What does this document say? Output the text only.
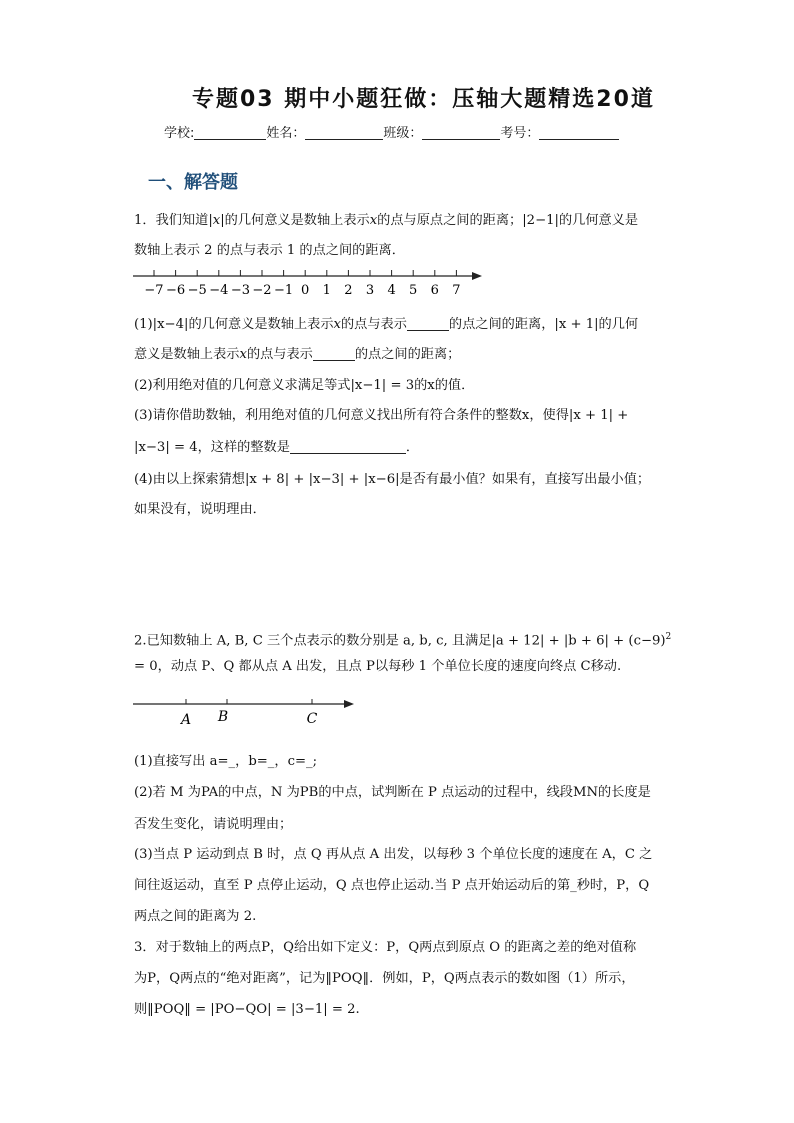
专题03 期中小题狂做：压轴大题精选20道
学校:	姓名：	班级：	考号：
一、解答题
1．我们知道|x|的几何意义是数轴上表示x的点与原点之间的距离；|2−1|的几何意义是
数轴上表示 2 的点与表示 1 的点之间的距离．
−7 −6 −5 −4 −3 −2 −1 0 1 2 3 4 5 6 7
(1)|x−4|的几何意义是数轴上表示x的点与表示	的点之间的距离，|x + 1|的几何
意义是数轴上表示x的点与表示	的点之间的距离；
(2)利用绝对值的几何意义求满足等式|x−1| = 3的x的值．
(3)请你借助数轴，利用绝对值的几何意义找出所有符合条件的整数x，使得|x + 1| +
|x−3| = 4，这样的整数是	．
(4)由以上探索猜想|x + 8| + |x−3| + |x−6|是否有最小值？如果有，直接写出最小值；
如果没有，说明理由．
2.已知数轴上 A, B, C 三个点表示的数分别是 a, b, c, 且满足$|a + 12| + |b + 6| + (c-9)^2$
= 0，动点 P、Q 都从点 A 出发，且点 P以每秒 1 个单位长度的速度向终点 C移动.
A B	C
(1)直接写出 a=_，b=_，c=_;
(2)若 M 为PA的中点，N 为PB的中点，试判断在 P 点运动的过程中，线段MN的长度是
否发生变化，请说明理由；
(3)当点 P 运动到点 B 时，点 Q 再从点 A 出发，以每秒 3 个单位长度的速度在 A，C 之
间往返运动，直至 P 点停止运动，Q 点也停止运动.当 P 点开始运动后的第_秒时，P，Q
两点之间的距离为 2.
3．对于数轴上的两点P，Q给出如下定义：P，Q两点到原点 O 的距离之差的绝对值称
为P，Q两点的“绝对距离”，记为‖POQ‖．例如，P，Q两点表示的数如图（1）所示，
则‖POQ‖ = |PO−QO| = |3−1| = 2.
